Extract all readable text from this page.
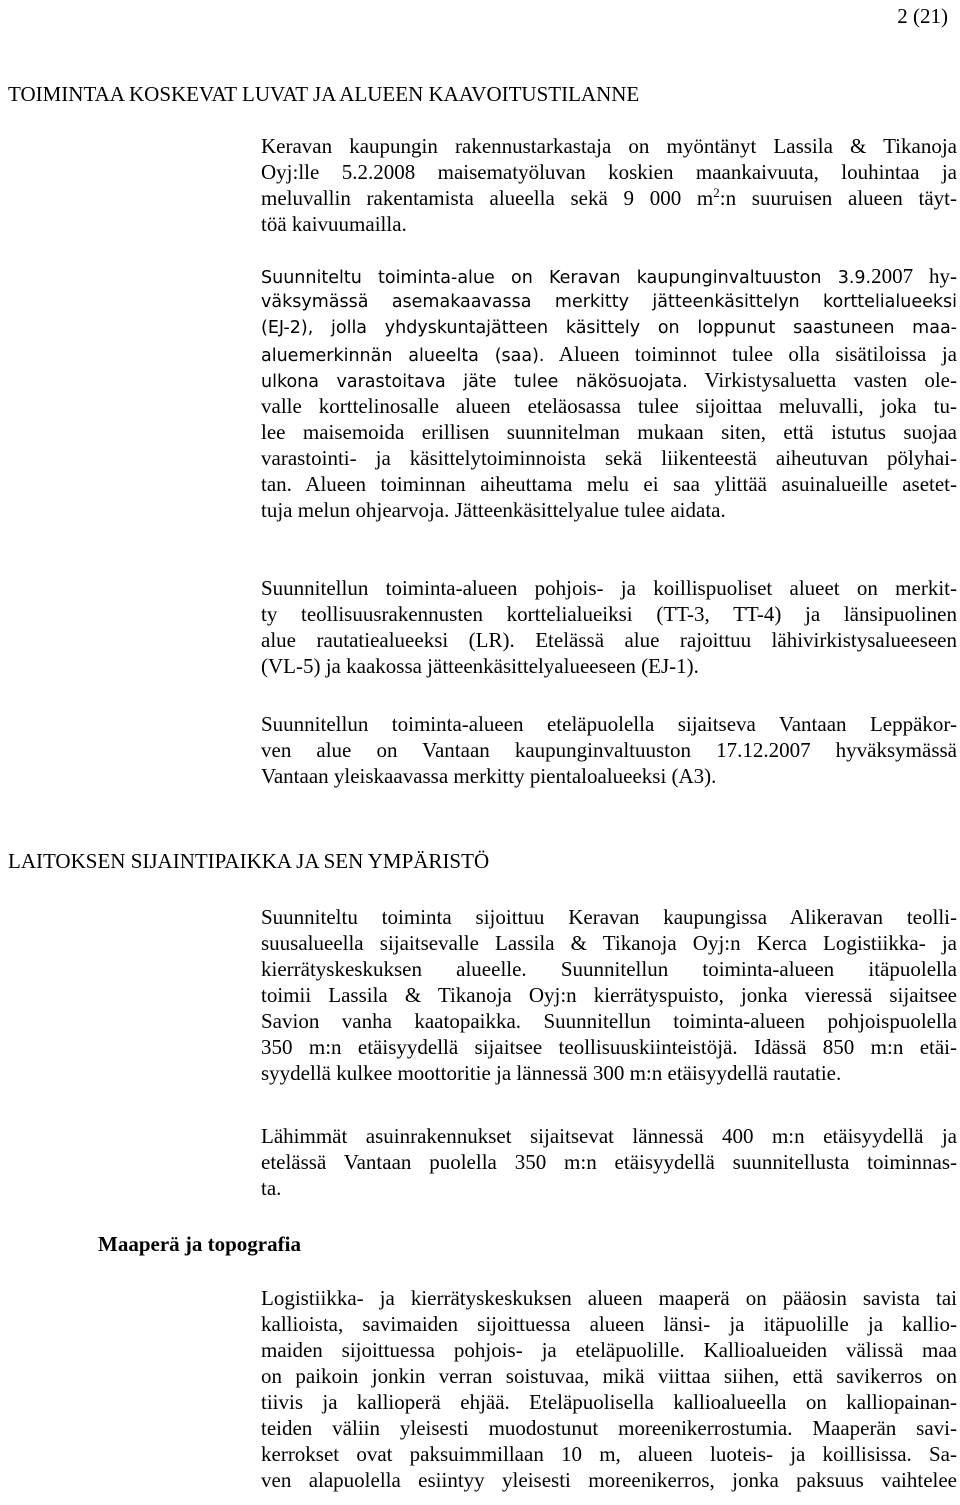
2 (21)
TOIMINTAA KOSKEVAT LUVAT JA ALUEEN KAAVOITUSTILANNE
Keravan kaupungin rakennustarkastaja on myöntänyt Lassila & Tikanoja
Oyj:lle 5.2.2008 maisematyöluvan koskien maankaivuuta, louhintaa ja
meluvallin rakentamista alueella sekä 9 000 $m^2:n$ suuruisen alueen täyt-
töä kaivuumailla.
Suunniteltu toiminta-alue on Keravan kaupunginvaltuuston 3.9.2007 hy-
väksymässä asemakaavassa merkitty jätteenkäsittelyn korttelialueeksi
(EJ-2), jolla yhdyskuntajätteen käsittely on loppunut saastuneen maa-
aluemerkinnän alueelta (saa). Alueen toiminnot tulee olla sisätiloissa ja
ulkona varastoitava jäte tulee näkösuojata. Virkistysaluetta vasten ole-
valle korttelinosalle alueen eteläosassa tulee sijoittaa meluvalli, joka tu-
lee maisemoida erillisen suunnitelman mukaan siten, että istutus suojaa
varastointi- ja käsittelytoiminnoista sekä liikenteestä aiheutuvan pölyhai-
tan. Alueen toiminnan aiheuttama melu ei saa ylittää asuinalueille asetet-
tuja melun ohjearvoja. Jätteenkäsittelyalue tulee aidata.
Suunnitellun toiminta-alueen pohjois- ja koillispuoliset alueet on merkit-
ty teollisuusrakennusten korttelialueiksi (TT-3, TT-4) ja länsipuolinen
alue rautatiealueeksi (LR). Etelässä alue rajoittuu lähivirkistysalueeseen
(VL-5) ja kaakossa jätteenkäsittelyalueeseen (EJ-1).
Suunnitellun toiminta-alueen eteläpuolella sijaitseva Vantaan Leppäkor-
ven alue on Vantaan kaupunginvaltuuston 17.12.2007 hyväksymässä
Vantaan yleiskaavassa merkitty pientaloalueeksi (A3).
LAITOKSEN SIJAINTIPAIKKA JA SEN YMPÄRISTÖ
Suunniteltu toiminta sijoittuu Keravan kaupungissa Alikeravan teolli-
suusalueella sijaitsevalle Lassila & Tikanoja Oyj:n Kerca Logistiikka- ja
kierrätyskeskuksen alueelle. Suunnitellun toiminta-alueen itäpuolella
toimii Lassila & Tikanoja Oyj:n kierrätyspuisto, jonka vieressä sijaitsee
Savion vanha kaatopaikka. Suunnitellun toiminta-alueen pohjoispuolella
350 m:n etäisyydellä sijaitsee teollisuuskiinteistöjä. Idässä 850 m:n etäi-
syydellä kulkee moottoritie ja lännessä 300 m:n etäisyydellä rautatie.
Lähimmät asuinrakennukset sijaitsevat lännessä 400 m:n etäisyydellä ja
etelässä Vantaan puolella 350 m:n etäisyydellä suunnitellusta toiminnas-
ta.
Maaperä ja topografia
Logistiikka- ja kierrätyskeskuksen alueen maaperä on pääosin savista tai
kallioista, savimaiden sijoittuessa alueen länsi- ja itäpuolille ja kallio-
maiden sijoittuessa pohjois- ja eteläpuolille. Kallioalueiden välissä maa
on paikoin jonkin verran soistuvaa, mikä viittaa siihen, että savikerros on
tiivis ja kallioperä ehjää. Eteläpuolisella kallioalueella on kalliopainan-
teiden väliin yleisesti muodostunut moreenikerrostumia. Maaperän savi-
kerrokset ovat paksuimmillaan 10 m, alueen luoteis- ja koillisissa. Sa-
ven alapuolella esiintyy yleisesti moreenikerros, jonka paksuus vaihtelee
